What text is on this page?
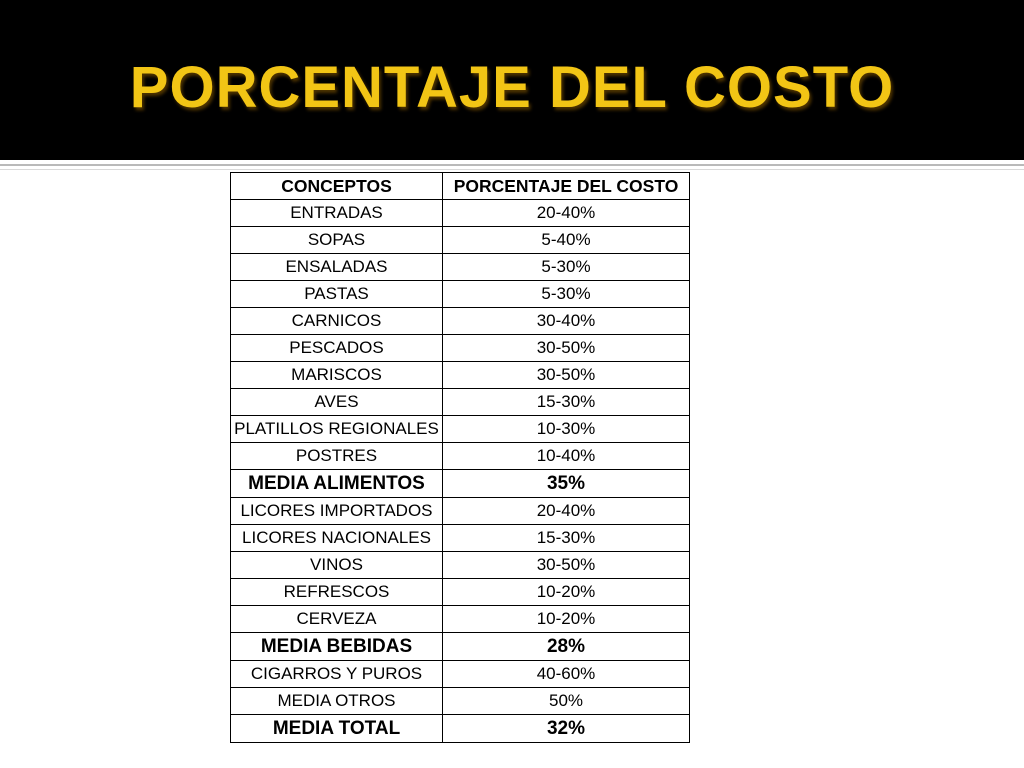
PORCENTAJE DEL COSTO
CONCEPTOS	PORCENTAJE DEL COSTO
ENTRADAS	20-40%
SOPAS	5-40%
ENSALADAS	5-30%
PASTAS	5-30%
CARNICOS	30-40%
PESCADOS	30-50%
MARISCOS	30-50%
AVES	15-30%
PLATILLOS REGIONALES	10-30%
POSTRES	10-40%
MEDIA ALIMENTOS	35%
LICORES IMPORTADOS	20-40%
LICORES NACIONALES	15-30%
VINOS	30-50%
REFRESCOS	10-20%
CERVEZA	10-20%
MEDIA BEBIDAS	28%
CIGARROS Y PUROS	40-60%
MEDIA OTROS	50%
MEDIA TOTAL	32%
